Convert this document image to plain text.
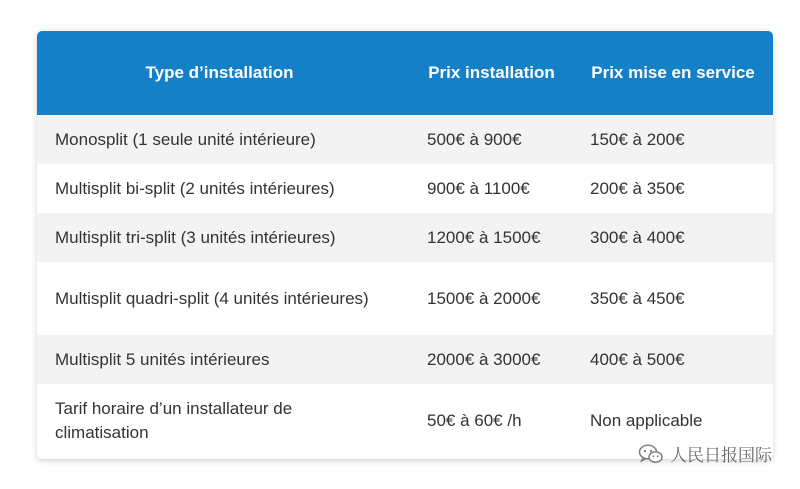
Type d’installation	Prix installation	Prix mise en service
Monosplit (1 seule unité intérieure)	500€ à 900€	150€ à 200€
Multisplit bi-split (2 unités intérieures)	900€ à 1100€	200€ à 350€
Multisplit tri-split (3 unités intérieures)	1200€ à 1500€	300€ à 400€
Multisplit quadri-split (4 unités intérieures)	1500€ à 2000€	350€ à 450€
Multisplit 5 unités intérieures	2000€ à 3000€	400€ à 500€
Tarif horaire d’un installateur de climatisation	50€ à 60€ /h	Non applicable
人民日报国际
